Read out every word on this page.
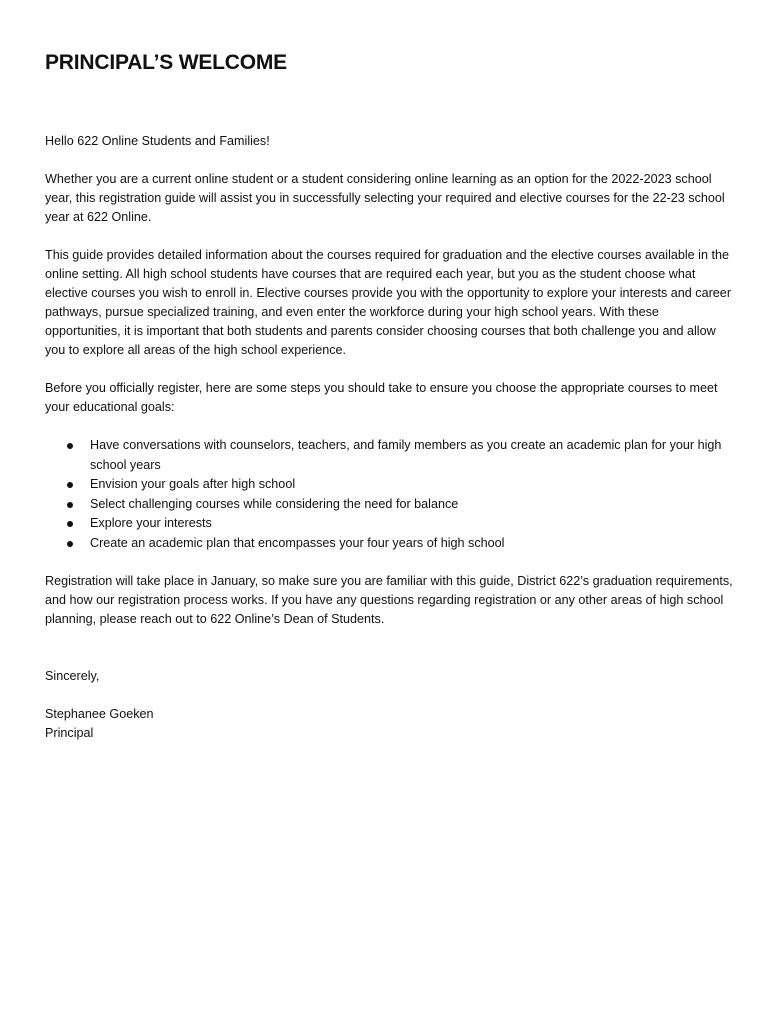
PRINCIPAL’S WELCOME
Hello 622 Online Students and Families!

Whether you are a current online student or a student considering online learning as an option for the 2022-2023 school year, this registration guide will assist you in successfully selecting your required and elective courses for the 22-23 school year at 622 Online.

This guide provides detailed information about the courses required for graduation and the elective courses available in the online setting. All high school students have courses that are required each year, but you as the student choose what elective courses you wish to enroll in. Elective courses provide you with the opportunity to explore your interests and career pathways, pursue specialized training, and even enter the workforce during your high school years. With these opportunities, it is important that both students and parents consider choosing courses that both challenge you and allow you to explore all areas of the high school experience.

Before you officially register, here are some steps you should take to ensure you choose the appropriate courses to meet your educational goals:

Have conversations with counselors, teachers, and family members as you create an academic plan for your high school years
Envision your goals after high school
Select challenging courses while considering the need for balance
Explore your interests
Create an academic plan that encompasses your four years of high school

Registration will take place in January, so make sure you are familiar with this guide, District 622’s graduation requirements, and how our registration process works. If you have any questions regarding registration or any other areas of high school planning, please reach out to 622 Online’s Dean of Students.

Sincerely,
Stephanee Goeken
Principal
